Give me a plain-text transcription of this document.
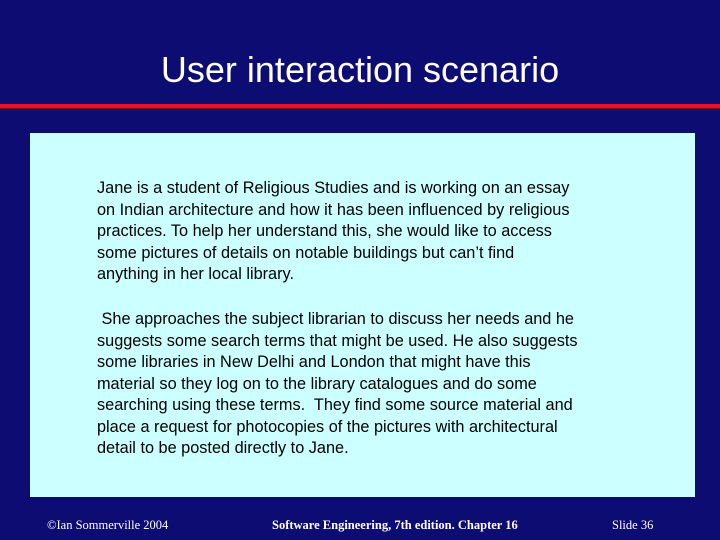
User interaction scenario

Jane is a student of Religious Studies and is working on an essay
on Indian architecture and how it has been influenced by religious
practices. To help her understand this, she would like to access
some pictures of details on notable buildings but can’t find
anything in her local library.

She approaches the subject librarian to discuss her needs and he
suggests some search terms that might be used. He also suggests
some libraries in New Delhi and London that might have this
material so they log on to the library catalogues and do some
searching using these terms.  They find some source material and
place a request for photocopies of the pictures with architectural
detail to be posted directly to Jane.

©Ian Sommerville 2004	Software Engineering, 7th edition. Chapter 16	Slide 36
